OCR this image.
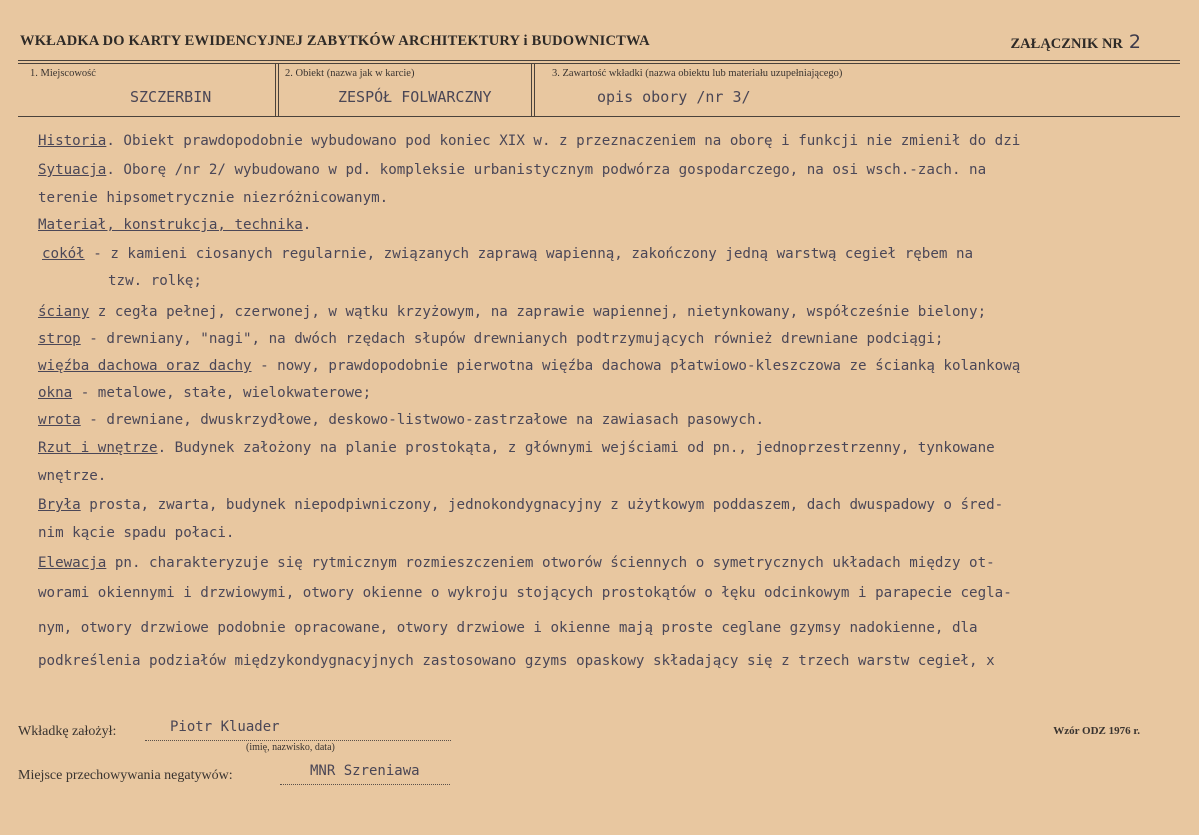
WKŁADKA DO KARTY EWIDENCYJNEJ ZABYTKÓW ARCHITEKTURY i BUDOWNICTWA	ZAŁĄCZNIK NR 2
1. Miejscowość
SZCZERBIN
2. Obiekt (nazwa jak w karcie)
ZESPÓŁ FOLWARCZNY
3. Zawartość wkładki (nazwa obiektu lub materiału uzupełniającego)
opis obory /nr 3/

Historia. Obiekt prawdopodobnie wybudowano pod koniec XIX w. z przeznaczeniem na oborę i funkcji nie zmienił do dzi

Sytuacja. Oborę /nr 2/ wybudowano w pd. kompleksie urbanistycznym podwórza gospodarczego, na osi wsch.-zach. na

terenie hipsometrycznie niezróżnicowanym.

Materiał, konstrukcja, technika.

cokół - z kamieni ciosanych regularnie, związanych zaprawą wapienną, zakończony jedną warstwą cegieł rębem na

tzw. rolkę;

ściany z cegła pełnej, czerwonej, w wątku krzyżowym, na zaprawie wapiennej, nietynkowany, współcześnie bielony;

strop - drewniany, "nagi", na dwóch rzędach słupów drewnianych podtrzymujących również drewniane podciągi;

więźba dachowa oraz dachy - nowy, prawdopodobnie pierwotna więźba dachowa płatwiowo-kleszczowa ze ścianką kolankową

okna - metalowe, stałe, wielokwaterowe;

wrota - drewniane, dwuskrzydłowe, deskowo-listwowo-zastrzałowe na zawiasach pasowych.

Rzut i wnętrze. Budynek założony na planie prostokąta, z głównymi wejściami od pn., jednoprzestrzenny, tynkowane

wnętrze.

Bryła prosta, zwarta, budynek niepodpiwniczony, jednokondygnacyjny z użytkowym poddaszem, dach dwuspadowy o śred-

nim kącie spadu połaci.

Elewacja pn. charakteryzuje się rytmicznym rozmieszczeniem otworów ściennych o symetrycznych układach między ot-

worami okiennymi i drzwiowymi, otwory okienne o wykroju stojących prostokątów o łęku odcinkowym i parapecie cegla-

nym, otwory drzwiowe podobnie opracowane, otwory drzwiowe i okienne mają proste ceglane gzymsy nadokienne, dla

podkreślenia podziałów międzykondygnacyjnych zastosowano gzyms opaskowy składający się z trzech warstw cegieł, x

Wkładkę założył:	Piotr Kluader
(imię, nazwisko, data)
Miejsce przechowywania negatywów:	MNR Szreniawa
Wzór ODZ 1976 r.
